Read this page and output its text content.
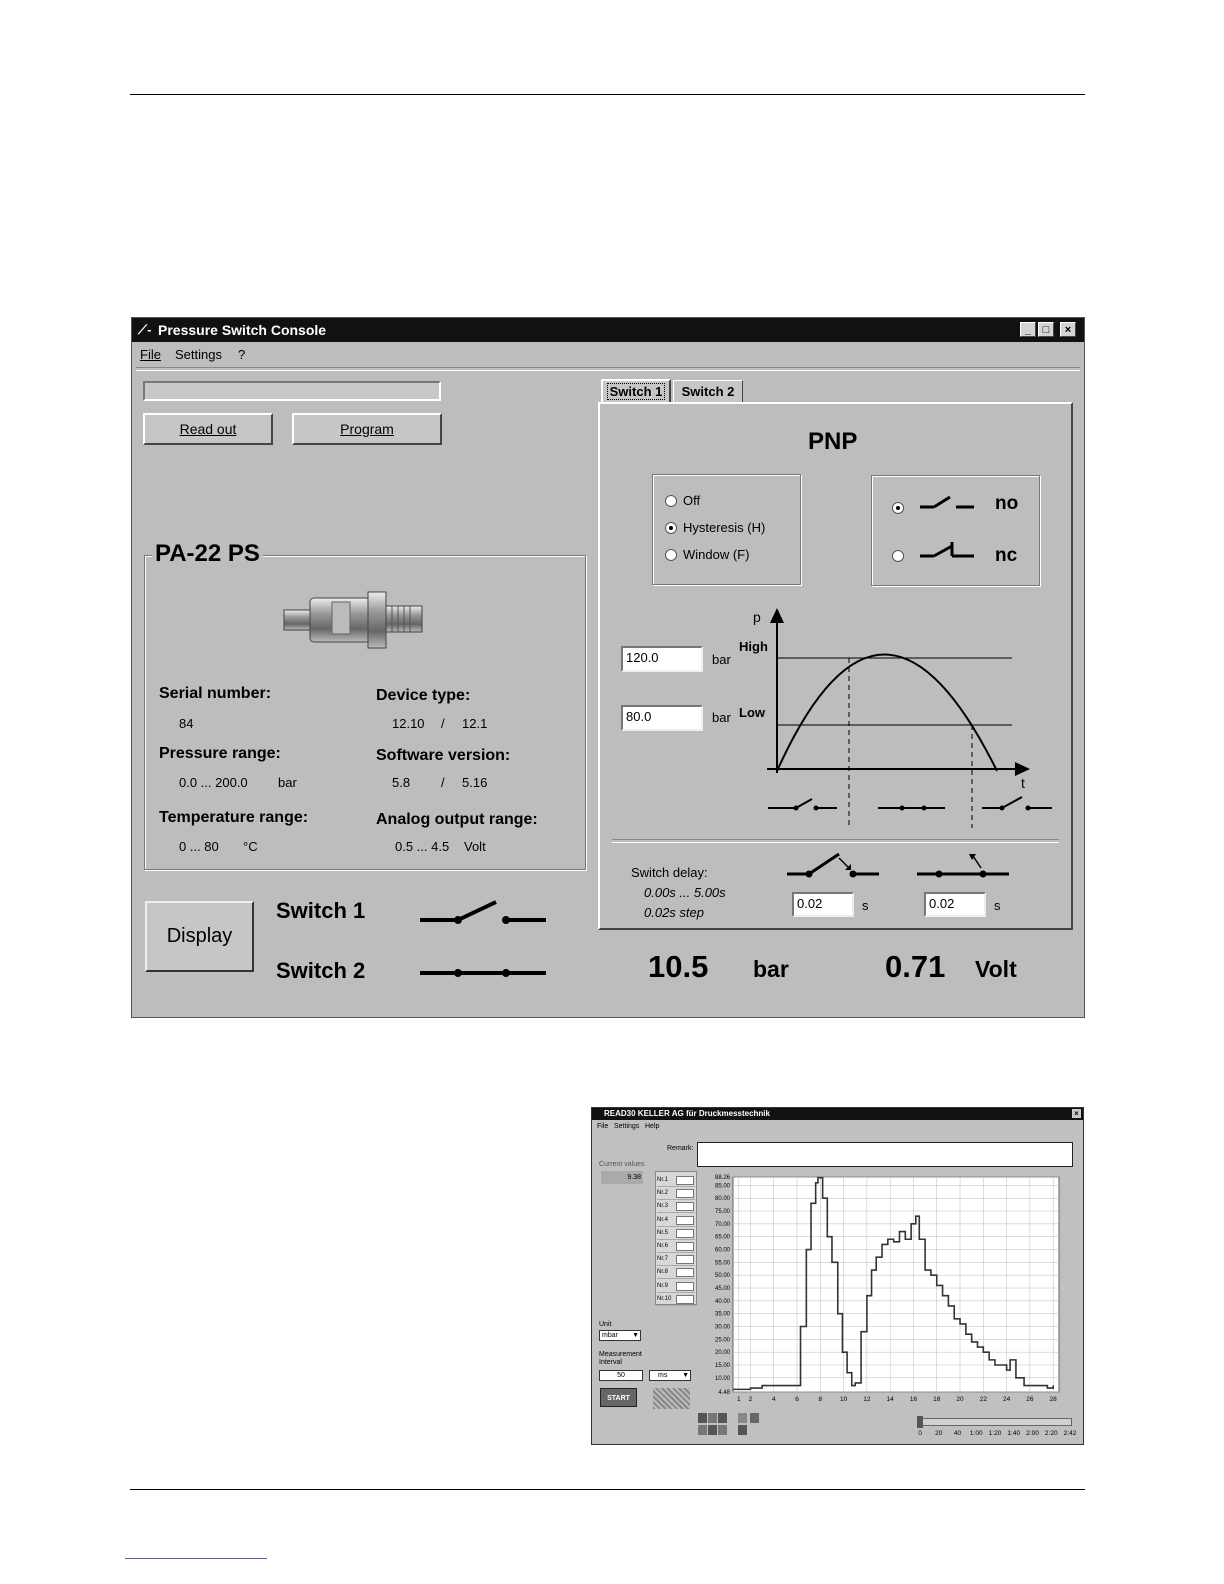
⟋- Pressure Switch Console	_	□	×
File Settings ?
Read out	Program
PA-22 PS
Serial number:
84
Pressure range:
0.0 ... 200.0 bar
Temperature range:
0 ... 80 °C
Device type:
12.10 / 12.1
Software version:
5.8 / 5.16
Analog output range:
0.5 ... 4.5 Volt
Display
Switch 1
Switch 2	10.5 bar	0.71 Volt
Switch 1	Switch 2
PNP
Off
Hysteresis (H)
Window (F)
no
nc
120.0	bar
80.0	bar
p
t
High
Low
Switch delay:
0.00s ... 5.00s
0.02s step
0.02	s	0.02	s
READ30 KELLER AG für Druckmesstechnik	×
File Settings Help
Remark:
Current values
9.38	Nr.1
Nr.2
Nr.3
Nr.4
Nr.5
Nr.6
Nr.7
Nr.8
Nr.9
Nr.10
Unit
mbar ▼
Measurement Interval
50	ms ▼
START
88.26
85.00
80.00
75.00
70.00
65.00
60.00
55.00
50.00
45.00
40.00
35.00
30.00
25.00
20.00
15.00
10.00
4.48
1 2	4	6	8	10 12 14 16 18 20 22 24 26 28
0 20 40 1:00 1:20 1:40 2:00 2:20 2:42
